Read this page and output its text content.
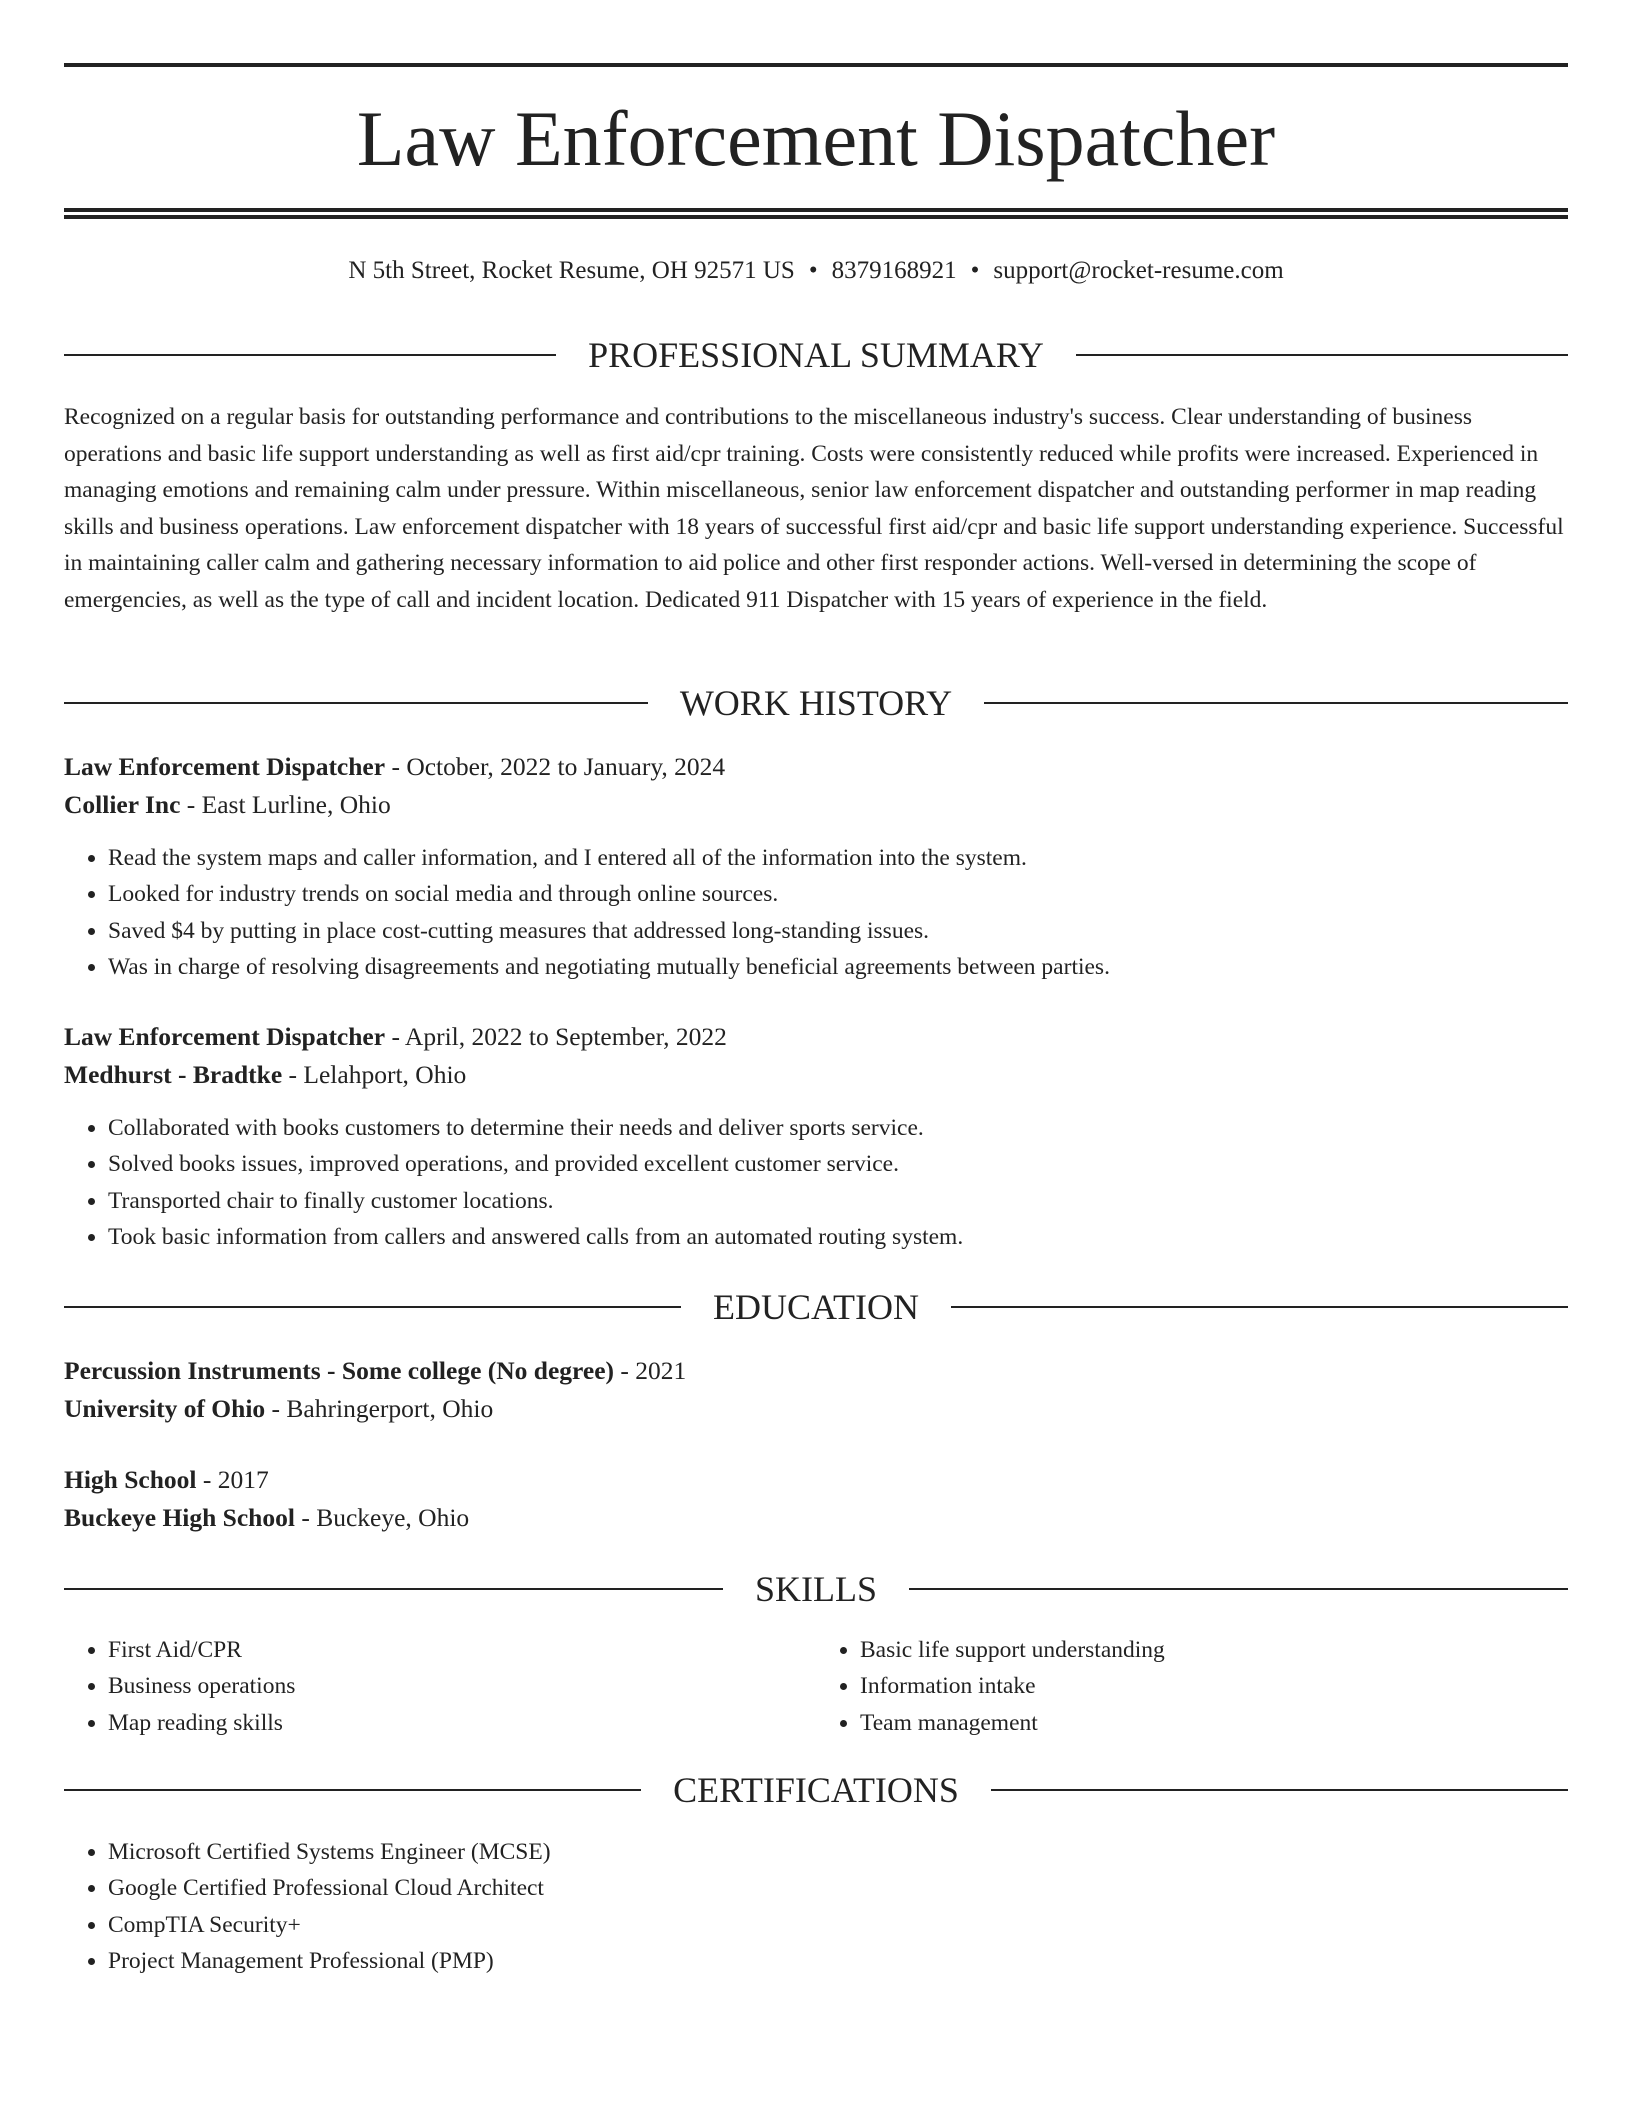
Law Enforcement Dispatcher
N 5th Street, Rocket Resume, OH 92571 US • 8379168921 • support@rocket-resume.com
PROFESSIONAL SUMMARY

Recognized on a regular basis for outstanding performance and contributions to the miscellaneous industry's success. Clear understanding of business operations and basic life support understanding as well as first aid/cpr training. Costs were consistently reduced while profits were increased. Experienced in managing emotions and remaining calm under pressure. Within miscellaneous, senior law enforcement dispatcher and outstanding performer in map reading skills and business operations. Law enforcement dispatcher with 18 years of successful first aid/cpr and basic life support understanding experience. Successful in maintaining caller calm and gathering necessary information to aid police and other first responder actions. Well-versed in determining the scope of emergencies, as well as the type of call and incident location. Dedicated 911 Dispatcher with 15 years of experience in the field.

WORK HISTORY
Law Enforcement Dispatcher - October, 2022 to January, 2024
Collier Inc - East Lurline, Ohio
• Read the system maps and caller information, and I entered all of the information into the system.
• Looked for industry trends on social media and through online sources.
• Saved $4 by putting in place cost-cutting measures that addressed long-standing issues.
• Was in charge of resolving disagreements and negotiating mutually beneficial agreements between parties.
Law Enforcement Dispatcher - April, 2022 to September, 2022
Medhurst - Bradtke - Lelahport, Ohio
• Collaborated with books customers to determine their needs and deliver sports service.
• Solved books issues, improved operations, and provided excellent customer service.
• Transported chair to finally customer locations.
• Took basic information from callers and answered calls from an automated routing system.
EDUCATION
Percussion Instruments - Some college (No degree) - 2021
University of Ohio - Bahringerport, Ohio
High School - 2017
Buckeye High School - Buckeye, Ohio
SKILLS
• First Aid/CPR
• Business operations
• Map reading skills
• Basic life support understanding
• Information intake
• Team management
CERTIFICATIONS
• Microsoft Certified Systems Engineer (MCSE)
• Google Certified Professional Cloud Architect
• CompTIA Security+
• Project Management Professional (PMP)
